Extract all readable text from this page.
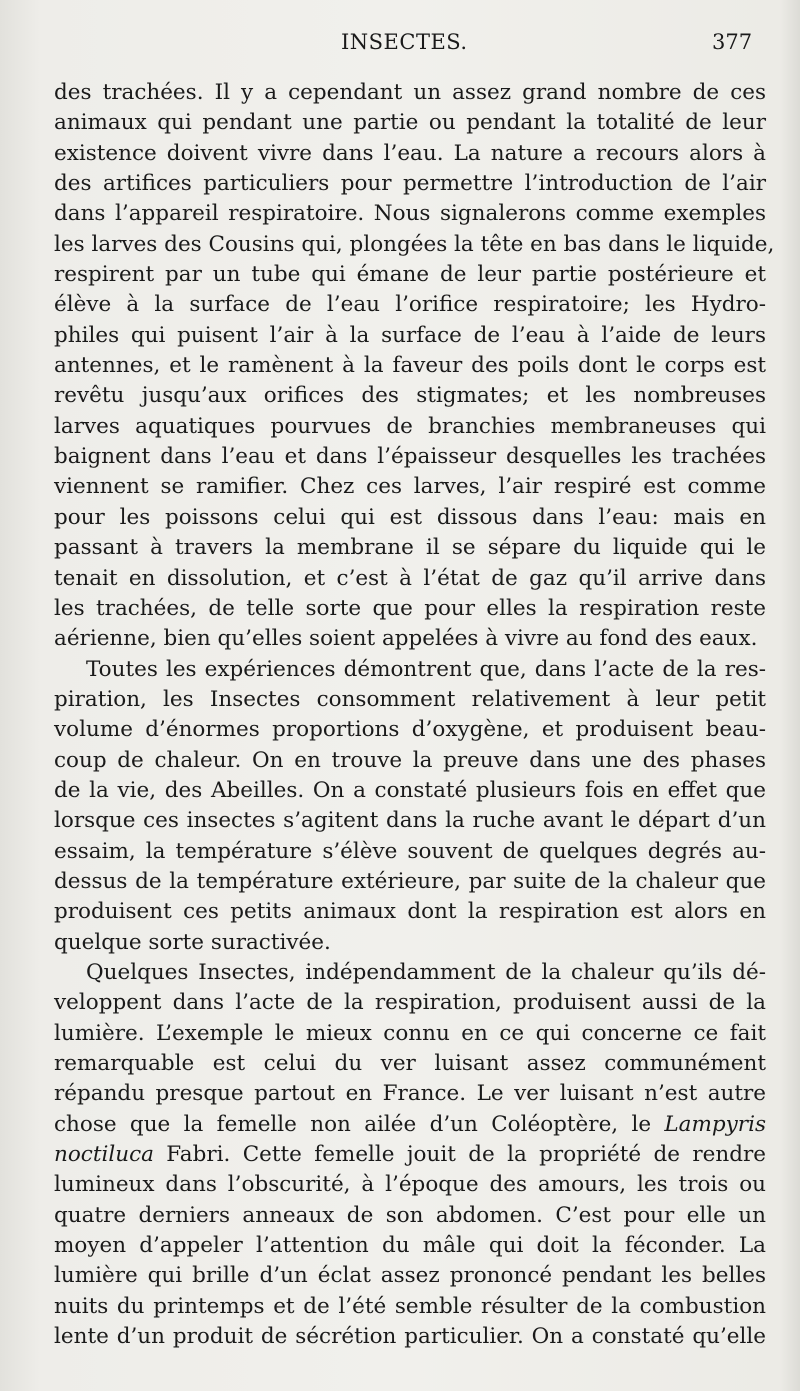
INSECTES.	377
des trachées. Il y a cependant un assez grand nombre de ces
animaux qui pendant une partie ou pendant la totalité de leur
existence doivent vivre dans l’eau. La nature a recours alors à
des artifices particuliers pour permettre l’introduction de l’air
dans l’appareil respiratoire. Nous signalerons comme exemples
les larves des Cousins qui, plongées la tête en bas dans le liquide,
respirent par un tube qui émane de leur partie postérieure et
élève à la surface de l’eau l’orifice respiratoire; les Hydro-
philes qui puisent l’air à la surface de l’eau à l’aide de leurs
antennes, et le ramènent à la faveur des poils dont le corps est
revêtu jusqu’aux orifices des stigmates; et les nombreuses
larves aquatiques pourvues de branchies membraneuses qui
baignent dans l’eau et dans l’épaisseur desquelles les trachées
viennent se ramifier. Chez ces larves, l’air respiré est comme
pour les poissons celui qui est dissous dans l’eau: mais en
passant à travers la membrane il se sépare du liquide qui le
tenait en dissolution, et c’est à l’état de gaz qu’il arrive dans
les trachées, de telle sorte que pour elles la respiration reste
aérienne, bien qu’elles soient appelées à vivre au fond des eaux.
Toutes les expériences démontrent que, dans l’acte de la res-
piration, les Insectes consomment relativement à leur petit
volume d’énormes proportions d’oxygène, et produisent beau-
coup de chaleur. On en trouve la preuve dans une des phases
de la vie, des Abeilles. On a constaté plusieurs fois en effet que
lorsque ces insectes s’agitent dans la ruche avant le départ d’un
essaim, la température s’élève souvent de quelques degrés au-
dessus de la température extérieure, par suite de la chaleur que
produisent ces petits animaux dont la respiration est alors en
quelque sorte suractivée.
Quelques Insectes, indépendamment de la chaleur qu’ils dé-
veloppent dans l’acte de la respiration, produisent aussi de la
lumière. L’exemple le mieux connu en ce qui concerne ce fait
remarquable est celui du ver luisant assez communément
répandu presque partout en France. Le ver luisant n’est autre
chose que la femelle non ailée d’un Coléoptère, le Lampyris
noctiluca Fabri. Cette femelle jouit de la propriété de rendre
lumineux dans l’obscurité, à l’époque des amours, les trois ou
quatre derniers anneaux de son abdomen. C’est pour elle un
moyen d’appeler l’attention du mâle qui doit la féconder. La
lumière qui brille d’un éclat assez prononcé pendant les belles
nuits du printemps et de l’été semble résulter de la combustion
lente d’un produit de sécrétion particulier. On a constaté qu’elle
